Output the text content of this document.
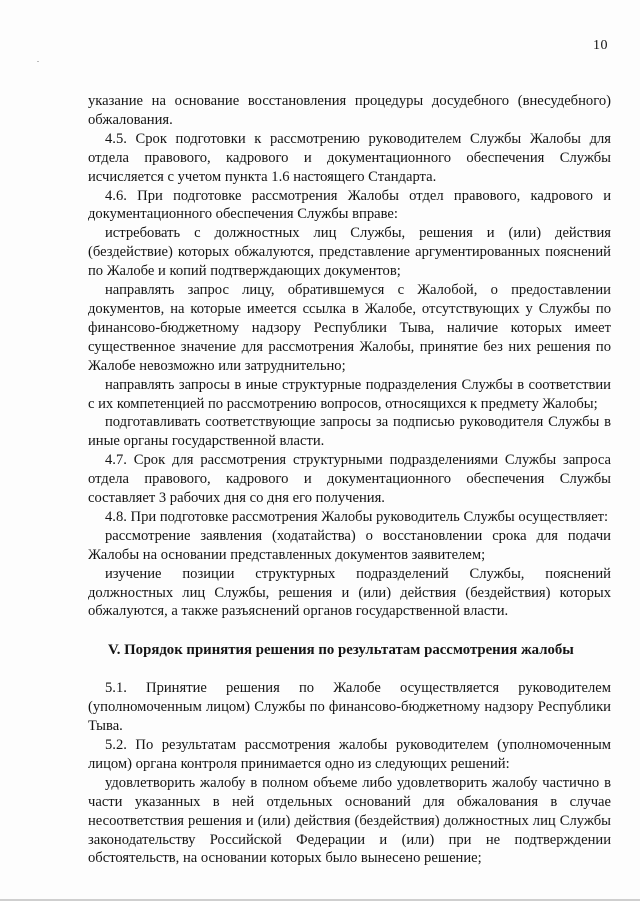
10

указание на основание восстановления процедуры досудебного (внесудебного) обжалования.

4.5. Срок подготовки к рассмотрению руководителем Службы Жалобы для отдела правового, кадрового и документационного обеспечения Службы исчисляется с учетом пункта 1.6 настоящего Стандарта.

4.6. При подготовке рассмотрения Жалобы отдел правового, кадрового и документационного обеспечения Службы вправе:

истребовать с должностных лиц Службы, решения и (или) действия (бездействие) которых обжалуются, представление аргументированных пояснений по Жалобе и копий подтверждающих документов;

направлять запрос лицу, обратившемуся с Жалобой, о предоставлении документов, на которые имеется ссылка в Жалобе, отсутствующих у Службы по финансово-бюджетному надзору Республики Тыва, наличие которых имеет существенное значение для рассмотрения Жалобы, принятие без них решения по Жалобе невозможно или затруднительно;

направлять запросы в иные структурные подразделения Службы в соответствии с их компетенцией по рассмотрению вопросов, относящихся к предмету Жалобы;

подготавливать соответствующие запросы за подписью руководителя Службы в иные органы государственной власти.

4.7. Срок для рассмотрения структурными подразделениями Службы запроса отдела правового, кадрового и документационного обеспечения Службы составляет 3 рабочих дня со дня его получения.

4.8. При подготовке рассмотрения Жалобы руководитель Службы осуществляет:

рассмотрение заявления (ходатайства) о восстановлении срока для подачи Жалобы на основании представленных документов заявителем;

изучение позиции структурных подразделений Службы, пояснений должностных лиц Службы, решения и (или) действия (бездействия) которых обжалуются, а также разъяснений органов государственной власти.

V. Порядок принятия решения по результатам рассмотрения жалобы

5.1. Принятие решения по Жалобе осуществляется руководителем (уполномоченным лицом) Службы по финансово-бюджетному надзору Республики Тыва.

5.2. По результатам рассмотрения жалобы руководителем (уполномоченным лицом) органа контроля принимается одно из следующих решений:

удовлетворить жалобу в полном объеме либо удовлетворить жалобу частично в части указанных в ней отдельных оснований для обжалования в случае несоответствия решения и (или) действия (бездействия) должностных лиц Службы законодательству Российской Федерации и (или) при не подтверждении обстоятельств, на основании которых было вынесено решение;
